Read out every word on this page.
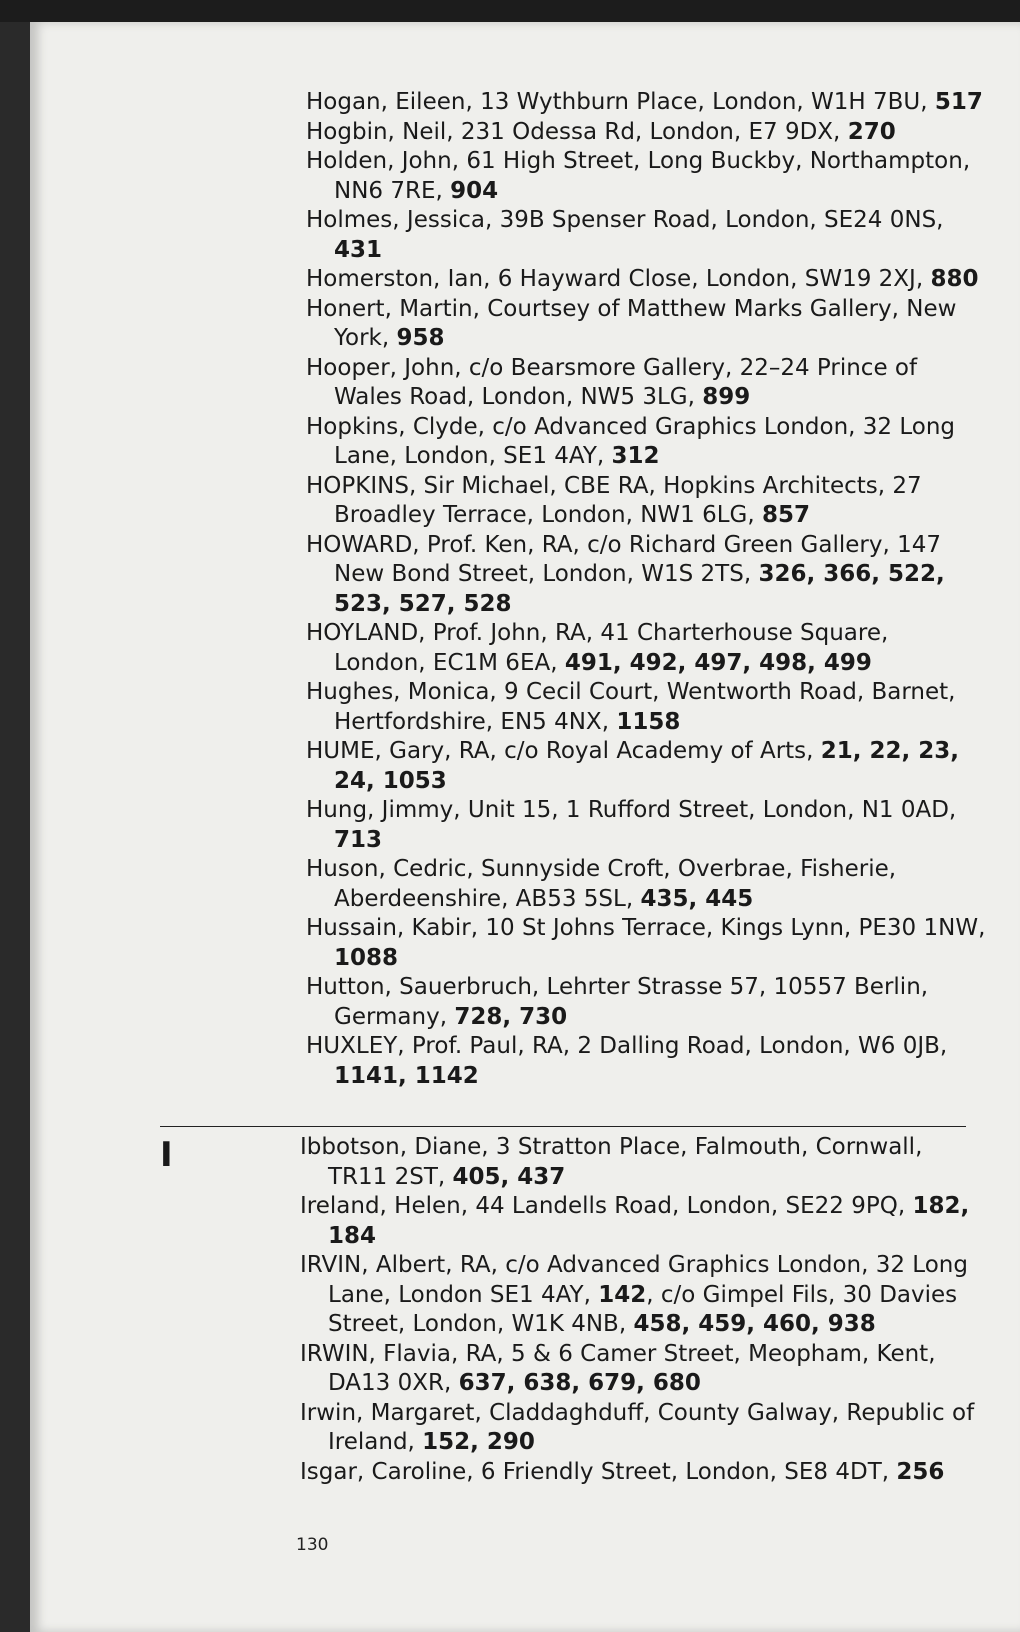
Hogan, Eileen, 13 Wythburn Place, London, W1H 7BU, 517

Hogbin, Neil, 231 Odessa Rd, London, E7 9DX, 270

Holden, John, 61 High Street, Long Buckby, Northampton, NN6 7RE, 904

Holmes, Jessica, 39B Spenser Road, London, SE24 0NS, 431

Homerston, Ian, 6 Hayward Close, London, SW19 2XJ, 880

Honert, Martin, Courtsey of Matthew Marks Gallery, New York, 958

Hooper, John, c/o Bearsmore Gallery, 22–24 Prince of Wales Road, London, NW5 3LG, 899

Hopkins, Clyde, c/o Advanced Graphics London, 32 Long Lane, London, SE1 4AY, 312

HOPKINS, Sir Michael, CBE RA, Hopkins Architects, 27 Broadley Terrace, London, NW1 6LG, 857

HOWARD, Prof. Ken, RA, c/o Richard Green Gallery, 147 New Bond Street, London, W1S 2TS, 326, 366, 522, 523, 527, 528

HOYLAND, Prof. John, RA, 41 Charterhouse Square, London, EC1M 6EA, 491, 492, 497, 498, 499

Hughes, Monica, 9 Cecil Court, Wentworth Road, Barnet, Hertfordshire, EN5 4NX, 1158

HUME, Gary, RA, c/o Royal Academy of Arts, 21, 22, 23, 24, 1053

Hung, Jimmy, Unit 15, 1 Rufford Street, London, N1 0AD, 713

Huson, Cedric, Sunnyside Croft, Overbrae, Fisherie, Aberdeenshire, AB53 5SL, 435, 445

Hussain, Kabir, 10 St Johns Terrace, Kings Lynn, PE30 1NW, 1088

Hutton, Sauerbruch, Lehrter Strasse 57, 10557 Berlin, Germany, 728, 730

HUXLEY, Prof. Paul, RA, 2 Dalling Road, London, W6 0JB, 1141, 1142

I	Ibbotson, Diane, 3 Stratton Place, Falmouth, Cornwall, TR11 2ST, 405, 437

Ireland, Helen, 44 Landells Road, London, SE22 9PQ, 182, 184

IRVIN, Albert, RA, c/o Advanced Graphics London, 32 Long Lane, London SE1 4AY, 142, c/o Gimpel Fils, 30 Davies Street, London, W1K 4NB, 458, 459, 460, 938

IRWIN, Flavia, RA, 5 & 6 Camer Street, Meopham, Kent, DA13 0XR, 637, 638, 679, 680

Irwin, Margaret, Claddaghduff, County Galway, Republic of Ireland, 152, 290

Isgar, Caroline, 6 Friendly Street, London, SE8 4DT, 256

130
